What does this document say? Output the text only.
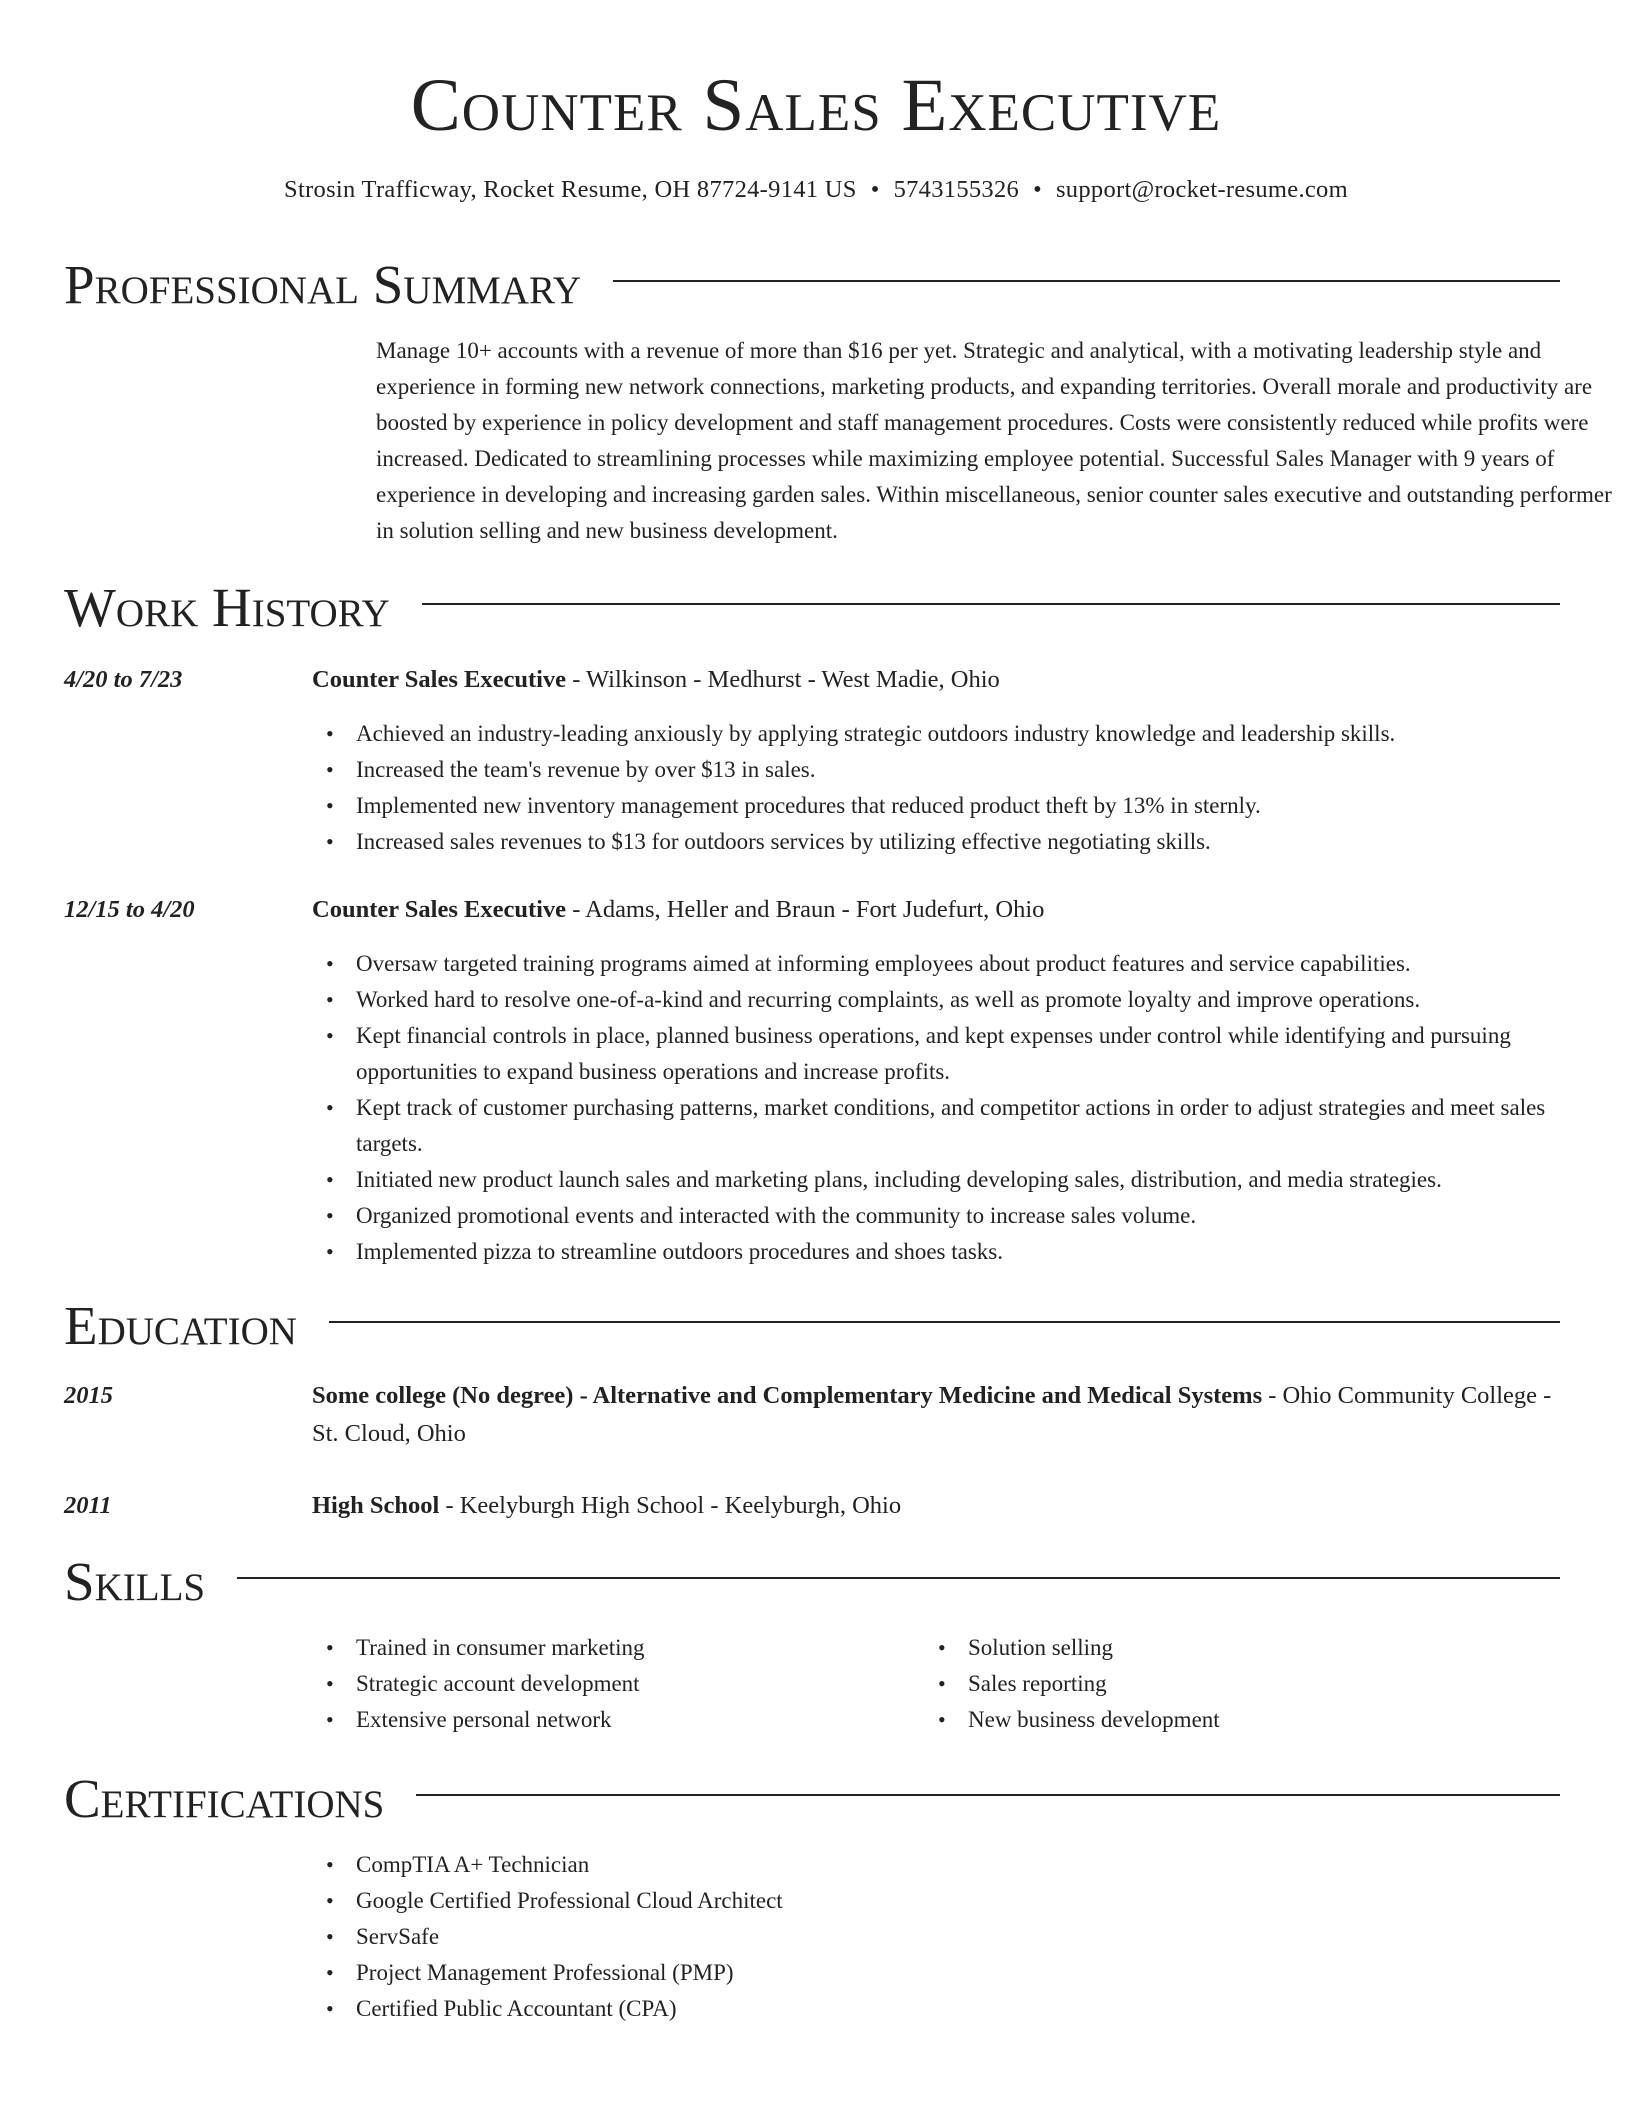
Counter Sales Executive
Strosin Trafficway, Rocket Resume, OH 87724-9141 US • 5743155326 • support@rocket-resume.com
Professional Summary
Manage 10+ accounts with a revenue of more than $16 per yet. Strategic and analytical, with a motivating leadership style and experience in forming new network connections, marketing products, and expanding territories. Overall morale and productivity are boosted by experience in policy development and staff management procedures. Costs were consistently reduced while profits were increased. Dedicated to streamlining processes while maximizing employee potential. Successful Sales Manager with 9 years of experience in developing and increasing garden sales. Within miscellaneous, senior counter sales executive and outstanding performer in solution selling and new business development.
Work History
4/20 to 7/23	Counter Sales Executive - Wilkinson - Medhurst - West Madie, Ohio
• Achieved an industry-leading anxiously by applying strategic outdoors industry knowledge and leadership skills.
• Increased the team's revenue by over $13 in sales.
• Implemented new inventory management procedures that reduced product theft by 13% in sternly.
• Increased sales revenues to $13 for outdoors services by utilizing effective negotiating skills.
12/15 to 4/20	Counter Sales Executive - Adams, Heller and Braun - Fort Judefurt, Ohio
• Oversaw targeted training programs aimed at informing employees about product features and service capabilities.
• Worked hard to resolve one-of-a-kind and recurring complaints, as well as promote loyalty and improve operations.
• Kept financial controls in place, planned business operations, and kept expenses under control while identifying and pursuing opportunities to expand business operations and increase profits.
• Kept track of customer purchasing patterns, market conditions, and competitor actions in order to adjust strategies and meet sales targets.
• Initiated new product launch sales and marketing plans, including developing sales, distribution, and media strategies.
• Organized promotional events and interacted with the community to increase sales volume.
• Implemented pizza to streamline outdoors procedures and shoes tasks.
Education
2015	Some college (No degree) - Alternative and Complementary Medicine and Medical Systems - Ohio Community College - St. Cloud, Ohio
2011	High School - Keelyburgh High School - Keelyburgh, Ohio
Skills
• Trained in consumer marketing
• Strategic account development
• Extensive personal network
• Solution selling
• Sales reporting
• New business development
Certifications
• CompTIA A+ Technician
• Google Certified Professional Cloud Architect
• ServSafe
• Project Management Professional (PMP)
• Certified Public Accountant (CPA)
